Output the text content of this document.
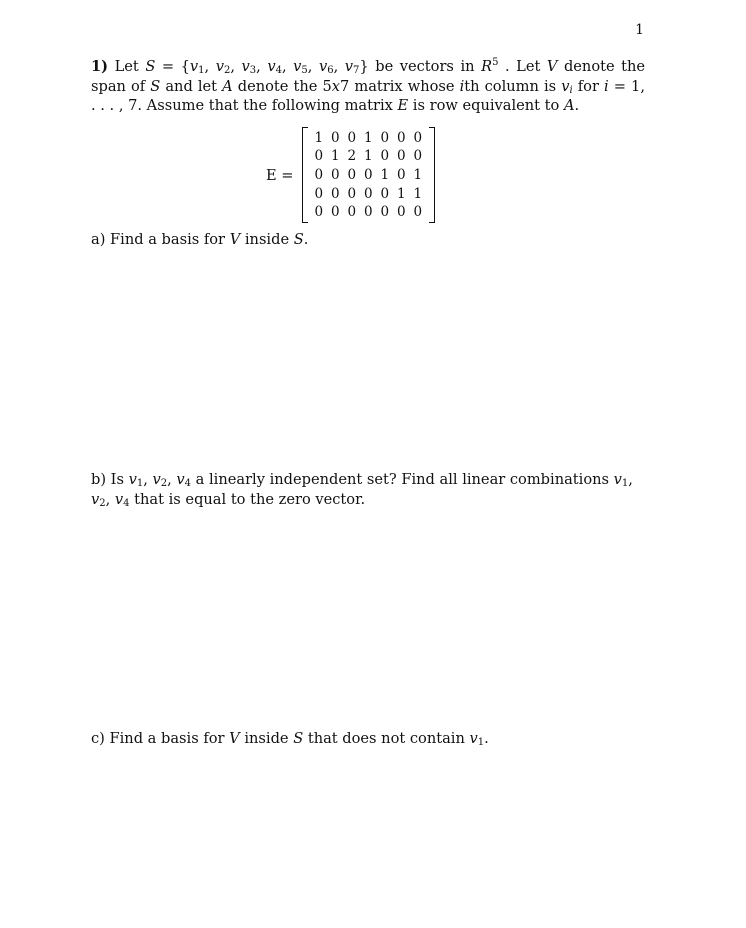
1
1) Let $S = \{v_1$, $v_2$, $v_3$, $v_4$, $v_5$, $v_6$, $v_7$} be vectors in $R^5$ . Let V denote the span of S and let A denote the 5x7 matrix whose ith column is $v_i$ for i = 1, . . . , 7. Assume that the following matrix E is row equivalent to A.
E =
1 0 0 1 0 0 0
0 1 2 1 0 0 0
0 0 0 0 1 0 1
0 0 0 0 0 1 1
0 0 0 0 0 0 0
a) Find a basis for V inside S.
b) Is $v_1$, $v_2$, $v_4$ a linearly independent set? Find all linear combinations $v_1$, $v_2$, $v_4$ that is equal to the zero vector.
c) Find a basis for V inside S that does not contain $v_1$.
